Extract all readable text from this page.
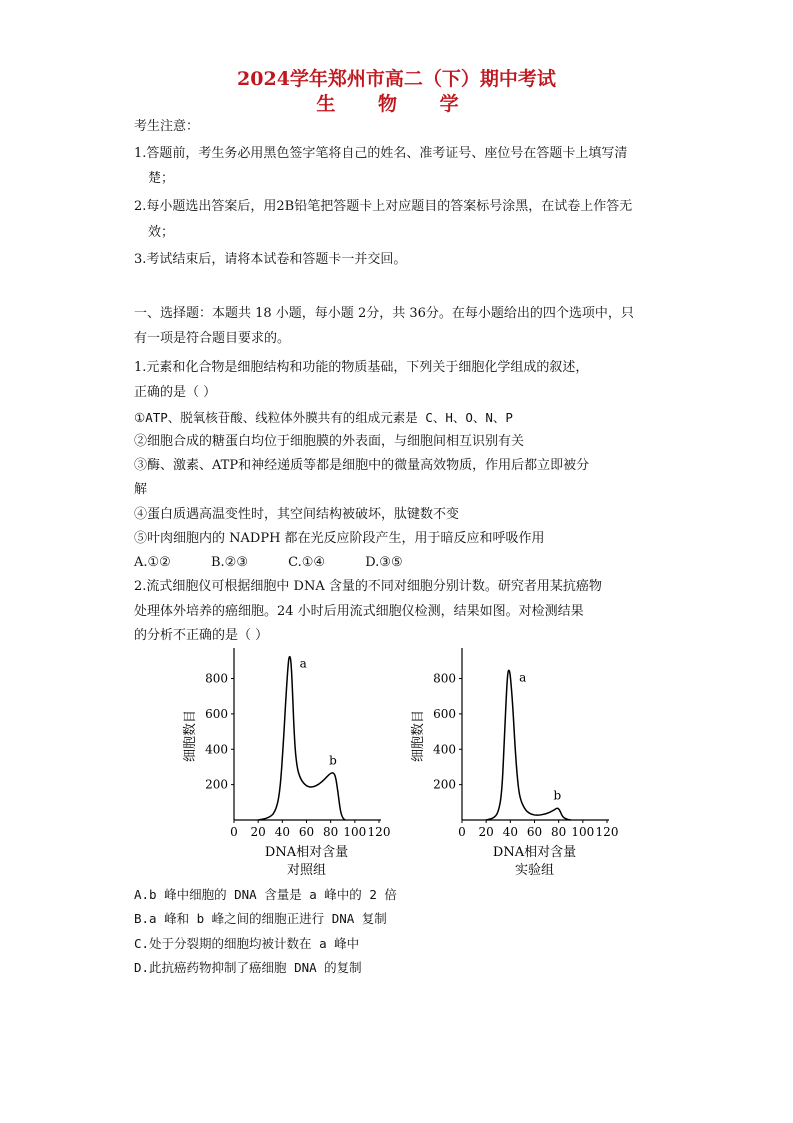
2024学年郑州市高二（下）期中考试
生 物 学
考生注意：
1.答题前，考生务必用黑色签字笔将自己的姓名、准考证号、座位号在答题卡上填写清
楚；
2.每小题选出答案后，用2B铅笔把答题卡上对应题目的答案标号涂黑，在试卷上作答无
效；
3.考试结束后，请将本试卷和答题卡一并交回。
一、选择题：本题共 18 小题，每小题 2分，共 36分。在每小题给出的四个选项中，只
有一项是符合题目要求的。
1.元素和化合物是细胞结构和功能的物质基础，下列关于细胞化学组成的叙述，
正确的是（ ）
①ATP、脱氧核苷酸、线粒体外膜共有的组成元素是 C、H、O、N、P
②细胞合成的糖蛋白均位于细胞膜的外表面，与细胞间相互识别有关
③酶、激素、ATP和神经递质等都是细胞中的微量高效物质，作用后都立即被分
解
④蛋白质遇高温变性时，其空间结构被破坏，肽键数不变
⑤叶肉细胞内的 NADPH 都在光反应阶段产生，用于暗反应和呼吸作用
A.①②	B.②③	C.①④	D.③⑤
2.流式细胞仪可根据细胞中 DNA 含量的不同对细胞分别计数。研究者用某抗癌物
处理体外培养的癌细胞。24 小时后用流式细胞仪检测，结果如图。对检测结果
的分析不正确的是（ ）
0 20 40 60 80 100 120
200
400
600
800
a
b
细胞数目
DNA相对含量
对照组
0 20 40 60 80 100 120
200
400
600
800	a
b
细胞数目
DNA相对含量
实验组
A.b 峰中细胞的 DNA 含量是 a 峰中的 2 倍
B.a 峰和 b 峰之间的细胞正进行 DNA 复制
C.处于分裂期的细胞均被计数在 a 峰中
D.此抗癌药物抑制了癌细胞 DNA 的复制
